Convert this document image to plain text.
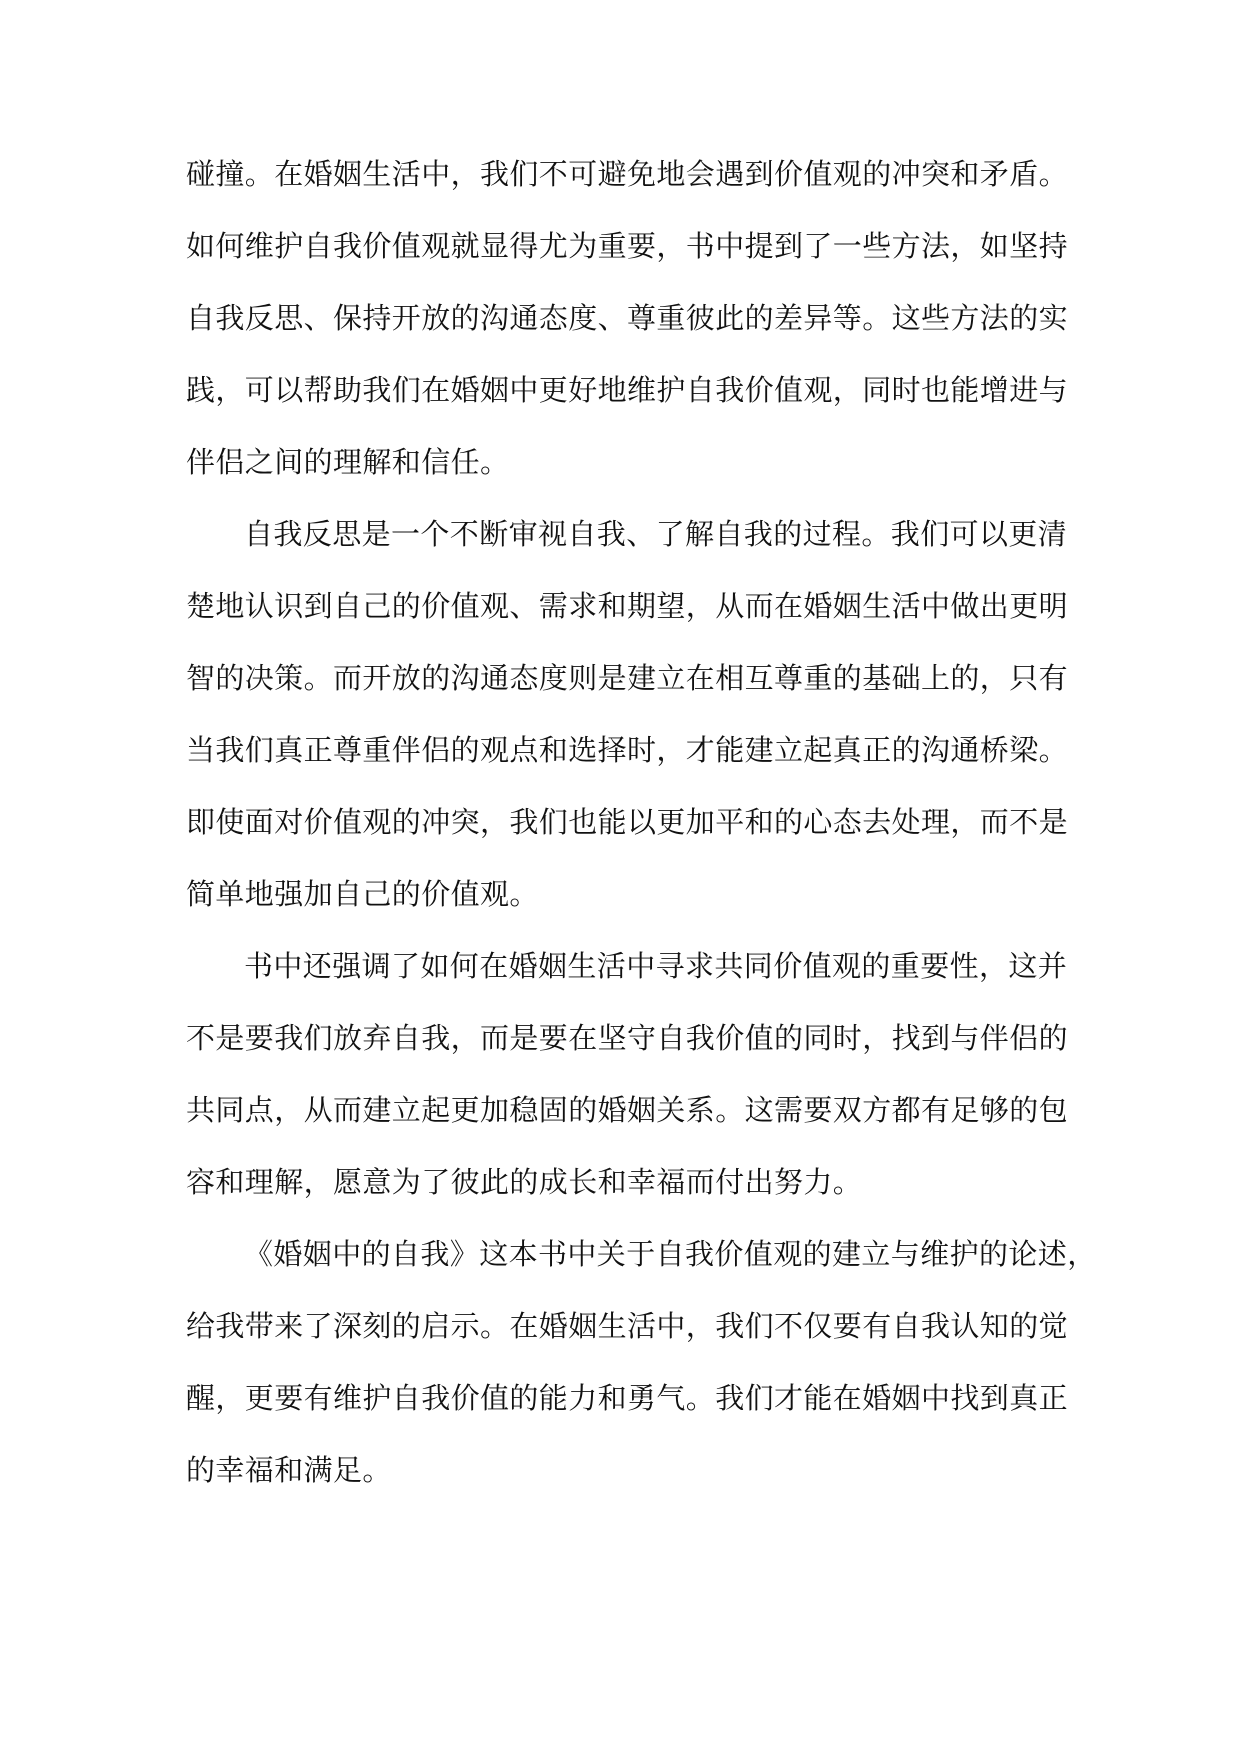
碰撞。在婚姻生活中，我们不可避免地会遇到价值观的冲突和矛盾。
如何维护自我价值观就显得尤为重要，书中提到了一些方法，如坚持
自我反思、保持开放的沟通态度、尊重彼此的差异等。这些方法的实
践，可以帮助我们在婚姻中更好地维护自我价值观，同时也能增进与
伴侣之间的理解和信任。
自我反思是一个不断审视自我、了解自我的过程。我们可以更清
楚地认识到自己的价值观、需求和期望，从而在婚姻生活中做出更明
智的决策。而开放的沟通态度则是建立在相互尊重的基础上的，只有
当我们真正尊重伴侣的观点和选择时，才能建立起真正的沟通桥梁。
即使面对价值观的冲突，我们也能以更加平和的心态去处理，而不是
简单地强加自己的价值观。
书中还强调了如何在婚姻生活中寻求共同价值观的重要性，这并
不是要我们放弃自我，而是要在坚守自我价值的同时，找到与伴侣的
共同点，从而建立起更加稳固的婚姻关系。这需要双方都有足够的包
容和理解，愿意为了彼此的成长和幸福而付出努力。
《婚姻中的自我》这本书中关于自我价值观的建立与维护的论述，
给我带来了深刻的启示。在婚姻生活中，我们不仅要有自我认知的觉
醒，更要有维护自我价值的能力和勇气。我们才能在婚姻中找到真正
的幸福和满足。
